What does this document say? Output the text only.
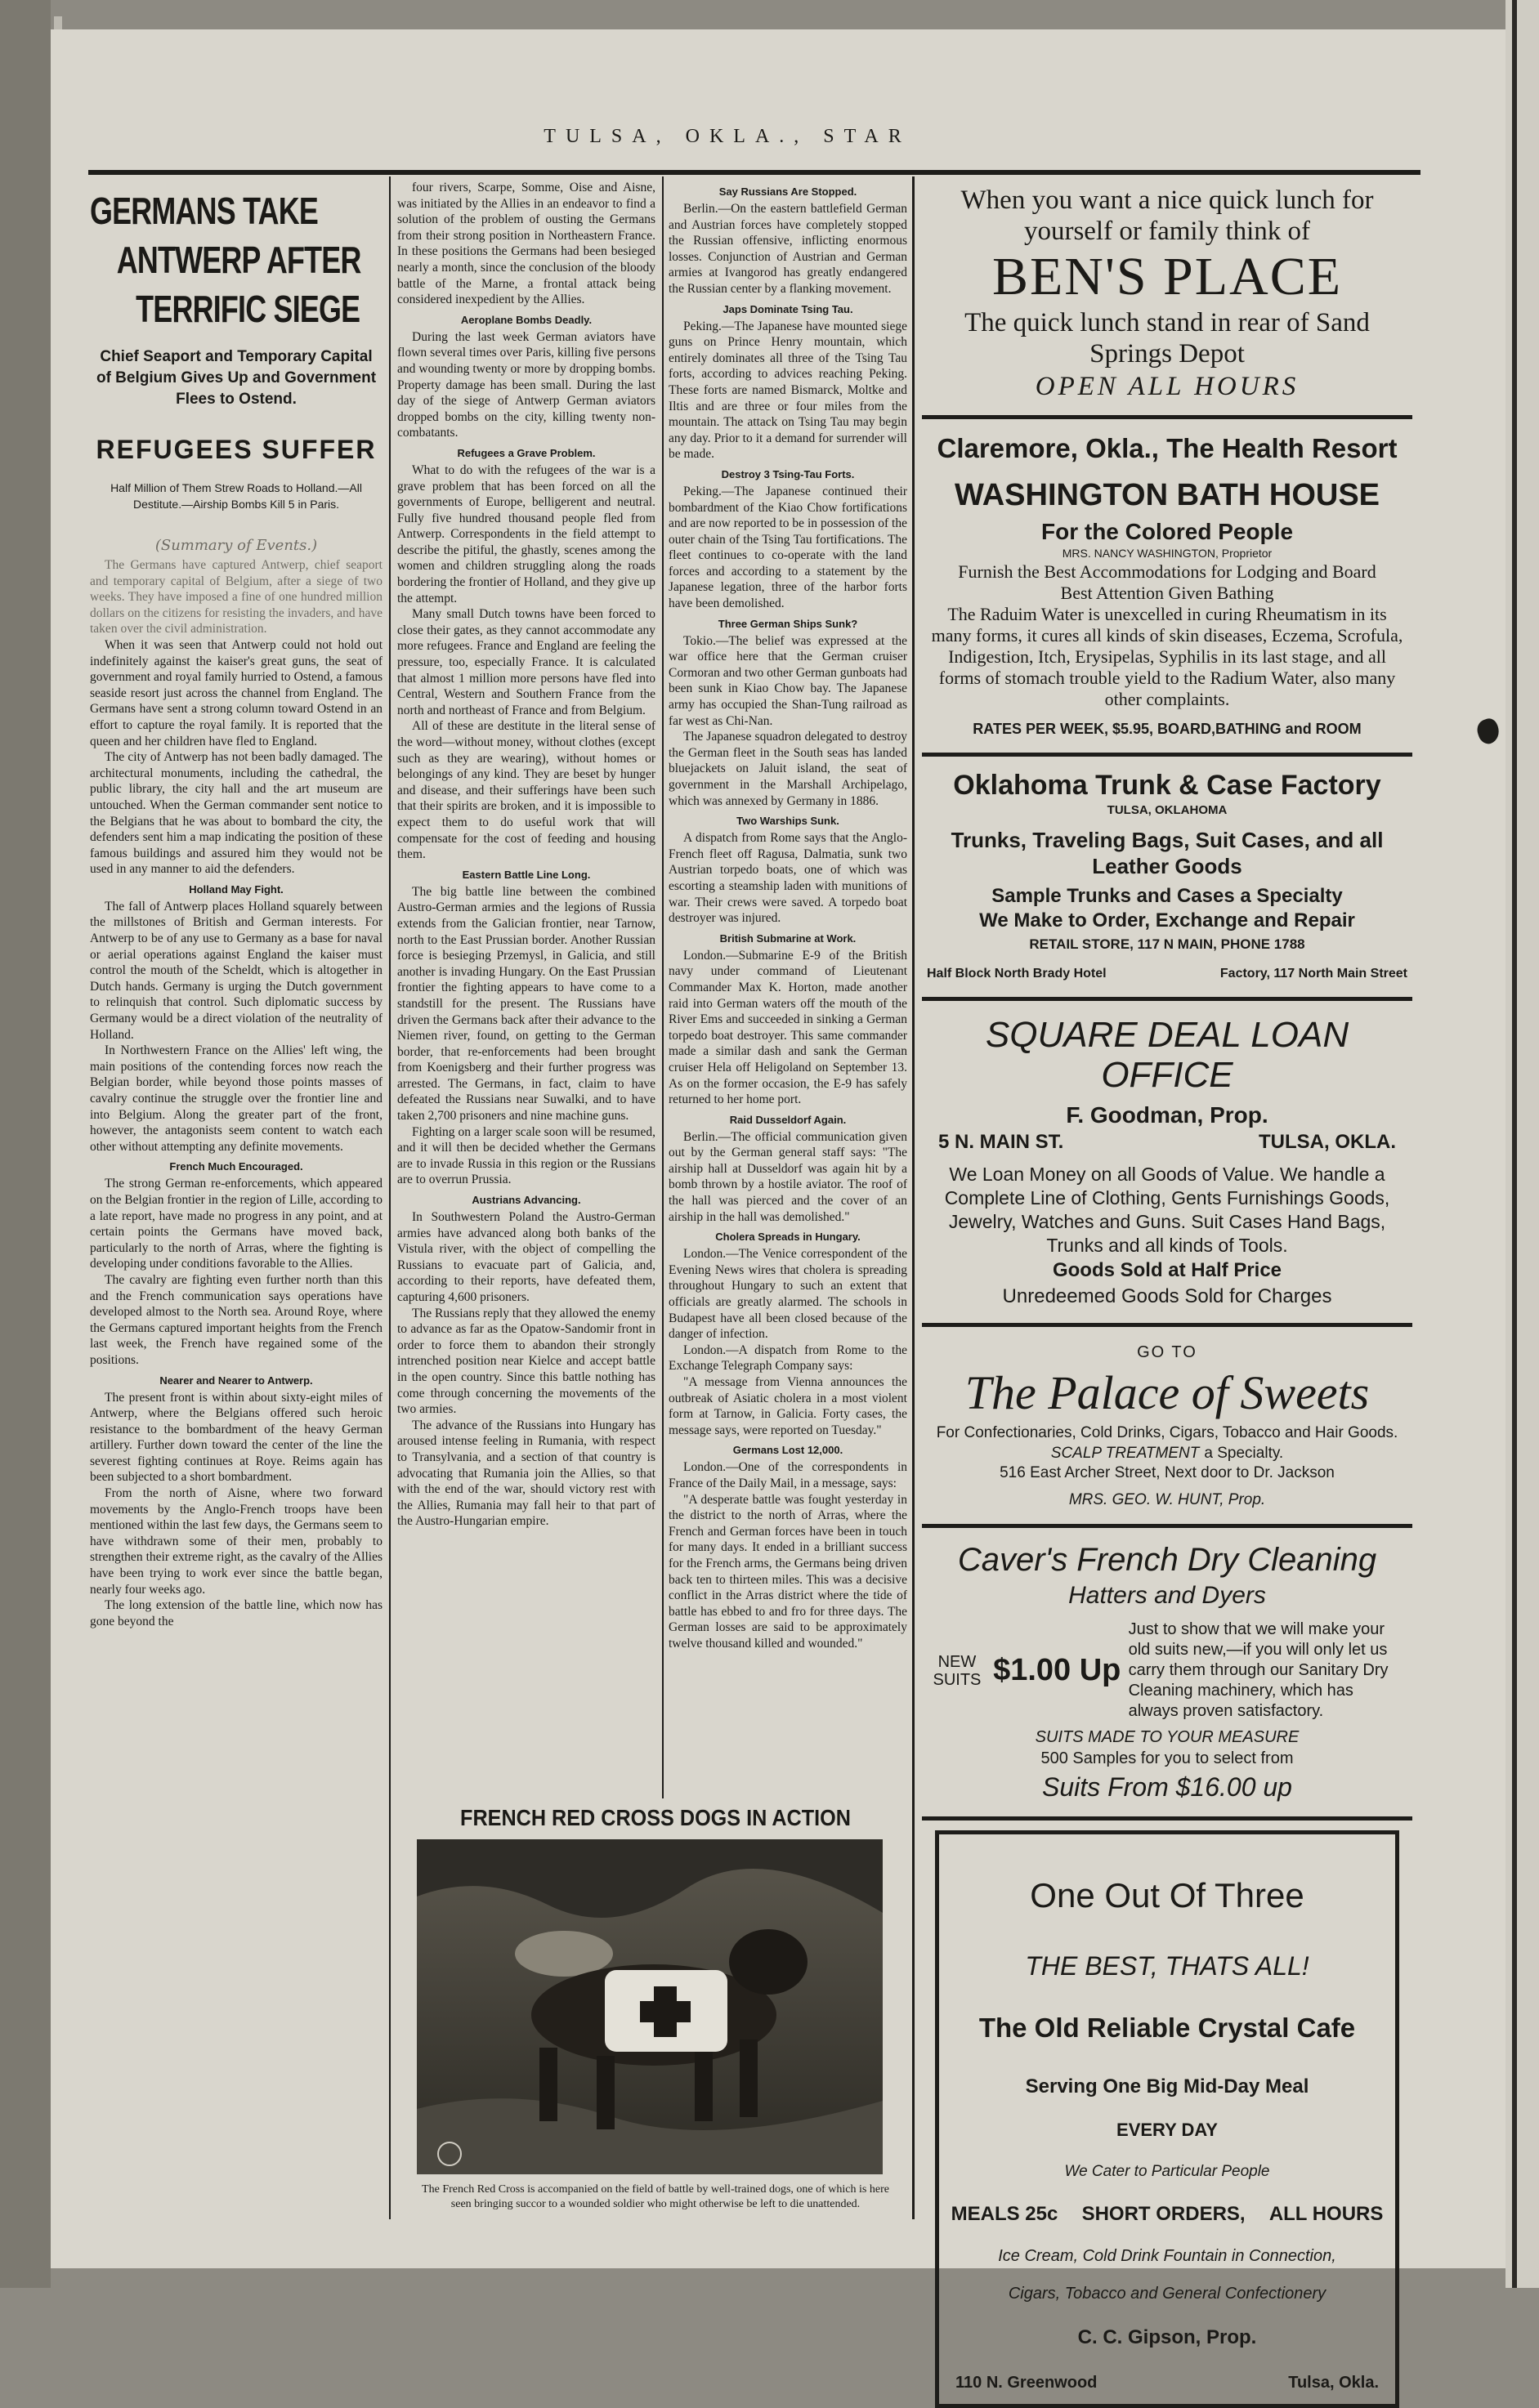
TULSA, OKLA., STAR
GERMANS TAKE
ANTWERP AFTER
TERRIFIC SIEGE

Chief Seaport and Temporary Capital of Belgium Gives Up and Government Flees to Ostend.

REFUGEES SUFFER

Half Million of Them Strew Roads to Holland.—All Destitute.—Airship Bombs Kill 5 in Paris.

(Summary of Events.)

The Germans have captured Antwerp, chief seaport and temporary capital of Belgium, after a siege of two weeks. They have imposed a fine of one hundred million dollars on the citizens for resisting the invaders, and have taken over the civil administration.

When it was seen that Antwerp could not hold out indefinitely against the kaiser's great guns, the seat of government and royal family hurried to Ostend, a famous seaside resort just across the channel from England. The Germans have sent a strong column toward Ostend in an effort to capture the royal family. It is reported that the queen and her children have fled to England.

The city of Antwerp has not been badly damaged. The architectural monuments, including the cathedral, the public library, the city hall and the art museum are untouched. When the German commander sent notice to the Belgians that he was about to bombard the city, the defenders sent him a map indicating the position of these famous buildings and assured him they would not be used in any manner to aid the defenders.

Holland May Fight.

The fall of Antwerp places Holland squarely between the millstones of British and German interests. For Antwerp to be of any use to Germany as a base for naval or aerial operations against England the kaiser must control the mouth of the Scheldt, which is altogether in Dutch hands. Germany is urging the Dutch government to relinquish that control. Such diplomatic success by Germany would be a direct violation of the neutrality of Holland.

In Northwestern France on the Allies' left wing, the main positions of the contending forces now reach the Belgian border, while beyond those points masses of cavalry continue the struggle over the frontier line and into Belgium. Along the greater part of the front, however, the antagonists seem content to watch each other without attempting any definite movements.

French Much Encouraged.

The strong German re-enforcements, which appeared on the Belgian frontier in the region of Lille, according to a late report, have made no progress in any point, and at certain points the Germans have moved back, particularly to the north of Arras, where the fighting is developing under conditions favorable to the Allies.

The cavalry are fighting even further north than this and the French communication says operations have developed almost to the North sea. Around Roye, where the Germans captured important heights from the French last week, the French have regained some of the positions.

Nearer and Nearer to Antwerp.

The present front is within about sixty-eight miles of Antwerp, where the Belgians offered such heroic resistance to the bombardment of the heavy German artillery. Further down toward the center of the line the severest fighting continues at Roye. Reims again has been subjected to a short bombardment.

From the north of Aisne, where two forward movements by the Anglo-French troops have been mentioned within the last few days, the Germans seem to have withdrawn some of their men, probably to strengthen their extreme right, as the cavalry of the Allies have been trying to work ever since the battle began, nearly four weeks ago.

The long extension of the battle line, which now has gone beyond the

four rivers, Scarpe, Somme, Oise and Aisne, was initiated by the Allies in an endeavor to find a solution of the problem of ousting the Germans from their strong position in Northeastern France. In these positions the Germans had been besieged nearly a month, since the conclusion of the bloody battle of the Marne, a frontal attack being considered inexpedient by the Allies.

Aeroplane Bombs Deadly.

During the last week German aviators have flown several times over Paris, killing five persons and wounding twenty or more by dropping bombs. Property damage has been small. During the last day of the siege of Antwerp German aviators dropped bombs on the city, killing twenty non-combatants.

Refugees a Grave Problem.

What to do with the refugees of the war is a grave problem that has been forced on all the governments of Europe, belligerent and neutral. Fully five hundred thousand people fled from Antwerp. Correspondents in the field attempt to describe the pitiful, the ghastly, scenes among the women and children struggling along the roads bordering the frontier of Holland, and they give up the attempt.

Many small Dutch towns have been forced to close their gates, as they cannot accommodate any more refugees. France and England are feeling the pressure, too, especially France. It is calculated that almost 1 million more persons have fled into Central, Western and Southern France from the north and northeast of France and from Belgium.

All of these are destitute in the literal sense of the word—without money, without clothes (except such as they are wearing), without homes or belongings of any kind. They are beset by hunger and disease, and their sufferings have been such that their spirits are broken, and it is impossible to expect them to do useful work that will compensate for the cost of feeding and housing them.

Eastern Battle Line Long.

The big battle line between the combined Austro-German armies and the legions of Russia extends from the Galician frontier, near Tarnow, north to the East Prussian border. Another Russian force is besieging Przemysl, in Galicia, and still another is invading Hungary. On the East Prussian frontier the fighting appears to have come to a standstill for the present. The Russians have driven the Germans back after their advance to the Niemen river, found, on getting to the German border, that re-enforcements had been brought from Koenigsberg and their further progress was arrested. The Germans, in fact, claim to have defeated the Russians near Suwalki, and to have taken 2,700 prisoners and nine machine guns.

Fighting on a larger scale soon will be resumed, and it will then be decided whether the Germans are to invade Russia in this region or the Russians are to overrun Prussia.

Austrians Advancing.

In Southwestern Poland the Austro-German armies have advanced along both banks of the Vistula river, with the object of compelling the Russians to evacuate part of Galicia, and, according to their reports, have defeated them, capturing 4,600 prisoners.

The Russians reply that they allowed the enemy to advance as far as the Opatow-Sandomir front in order to force them to abandon their strongly intrenched position near Kielce and accept battle in the open country. Since this battle nothing has come through concerning the movements of the two armies.

The advance of the Russians into Hungary has aroused intense feeling in Rumania, with respect to Transylvania, and a section of that country is advocating that Rumania join the Allies, so that with the end of the war, should victory rest with the Allies, Rumania may fall heir to that part of the Austro-Hungarian empire.

Say Russians Are Stopped.

Berlin.—On the eastern battlefield German and Austrian forces have completely stopped the Russian offensive, inflicting enormous losses. Conjunction of Austrian and German armies at Ivangorod has greatly endangered the Russian center by a flanking movement.

Japs Dominate Tsing Tau.

Peking.—The Japanese have mounted siege guns on Prince Henry mountain, which entirely dominates all three of the Tsing Tau forts, according to advices reaching Peking. These forts are named Bismarck, Moltke and Iltis and are three or four miles from the mountain. The attack on Tsing Tau may begin any day. Prior to it a demand for surrender will be made.

Destroy 3 Tsing-Tau Forts.

Peking.—The Japanese continued their bombardment of the Kiao Chow fortifications and are now reported to be in possession of the outer chain of the Tsing Tau fortifications. The fleet continues to co-operate with the land forces and according to a statement by the Japanese legation, three of the harbor forts have been demolished.

Three German Ships Sunk?

Tokio.—The belief was expressed at the war office here that the German cruiser Cormoran and two other German gunboats had been sunk in Kiao Chow bay. The Japanese army has occupied the Shan-Tung railroad as far west as Chi-Nan.

The Japanese squadron delegated to destroy the German fleet in the South seas has landed bluejackets on Jaluit island, the seat of government in the Marshall Archipelago, which was annexed by Germany in 1886.

Two Warships Sunk.

A dispatch from Rome says that the Anglo-French fleet off Ragusa, Dalmatia, sunk two Austrian torpedo boats, one of which was escorting a steamship laden with munitions of war. Their crews were saved. A torpedo boat destroyer was injured.

British Submarine at Work.

London.—Submarine E-9 of the British navy under command of Lieutenant Commander Max K. Horton, made another raid into German waters off the mouth of the River Ems and succeeded in sinking a German torpedo boat destroyer. This same commander made a similar dash and sank the German cruiser Hela off Heligoland on September 13. As on the former occasion, the E-9 has safely returned to her home port.

Raid Dusseldorf Again.

Berlin.—The official communication given out by the German general staff says: "The airship hall at Dusseldorf was again hit by a bomb thrown by a hostile aviator. The roof of the hall was pierced and the cover of an airship in the hall was demolished."

Cholera Spreads in Hungary.

London.—The Venice correspondent of the Evening News wires that cholera is spreading throughout Hungary to such an extent that officials are greatly alarmed. The schools in Budapest have all been closed because of the danger of infection.

London.—A dispatch from Rome to the Exchange Telegraph Company says:

"A message from Vienna announces the outbreak of Asiatic cholera in a most violent form at Tarnow, in Galicia. Forty cases, the message says, were reported on Tuesday."

Germans Lost 12,000.

London.—One of the correspondents in France of the Daily Mail, in a message, says:

"A desperate battle was fought yesterday in the district to the north of Arras, where the French and German forces have been in touch for many days. It ended in a brilliant success for the French arms, the Germans being driven back ten to thirteen miles. This was a decisive conflict in the Arras district where the tide of battle has ebbed to and fro for three days. The German losses are said to be approximately twelve thousand killed and wounded."

FRENCH RED CROSS DOGS IN ACTION

The French Red Cross is accompanied on the field of battle by well-trained dogs, one of which is here seen bringing succor to a wounded soldier who might otherwise be left to die unattended.

When you want a nice quick lunch for

yourself or family think of

BEN'S PLACE

The quick lunch stand in rear of Sand

Springs Depot

OPEN ALL HOURS

Claremore, Okla., The Health Resort

WASHINGTON BATH HOUSE

For the Colored People

MRS. NANCY WASHINGTON, Proprietor

Furnish the Best Accommodations for Lodging and Board

Best Attention Given Bathing

The Raduim Water is unexcelled in curing Rheumatism in its many forms, it cures all kinds of skin diseases, Eczema, Scrofula, Indigestion, Itch, Erysipelas, Syphilis in its last stage, and all forms of stomach trouble yield to the Radium Water, also many other complaints.

RATES PER WEEK, $5.95, BOARD,BATHING and ROOM

Oklahoma Trunk & Case Factory

TULSA, OKLAHOMA

Trunks, Traveling Bags, Suit Cases, and all

Leather Goods

Sample Trunks and Cases a Specialty

We Make to Order, Exchange and Repair

RETAIL STORE, 117 N MAIN, PHONE 1788

Half Block North Brady Hotel	Factory, 117 North Main Street

SQUARE DEAL LOAN

OFFICE

F. Goodman, Prop.

5 N. MAIN ST.	TULSA, OKLA.

We Loan Money on all Goods of Value. We handle a Complete Line of Clothing, Gents Furnishings Goods, Jewelry, Watches and Guns. Suit Cases Hand Bags, Trunks and all kinds of Tools.

Goods Sold at Half Price

Unredeemed Goods Sold for Charges

GO TO

The Palace of Sweets

For Confectionaries, Cold Drinks, Cigars, Tobacco and Hair Goods.

SCALP TREATMENT a Specialty.

516 East Archer Street, Next door to Dr. Jackson

MRS. GEO. W. HUNT, Prop.

Caver's French Dry Cleaning

Hatters and Dyers

NEW
SUITS $1.00 Up
Just to show that we will make your old suits new,—if you will only let us carry them through our Sanitary Dry Cleaning machinery, which has always proven satisfactory.

SUITS MADE TO YOUR MEASURE

500 Samples for you to select from

Suits From $16.00 up

One Out Of Three

THE BEST, THATS ALL!

The Old Reliable Crystal Cafe

Serving One Big Mid-Day Meal

EVERY DAY

We Cater to Particular People

MEALS 25c SHORT ORDERS, ALL HOURS

Ice Cream, Cold Drink Fountain in Connection,

Cigars, Tobacco and General Confectionery

C. C. Gipson, Prop.

110 N. Greenwood	Tulsa, Okla.
